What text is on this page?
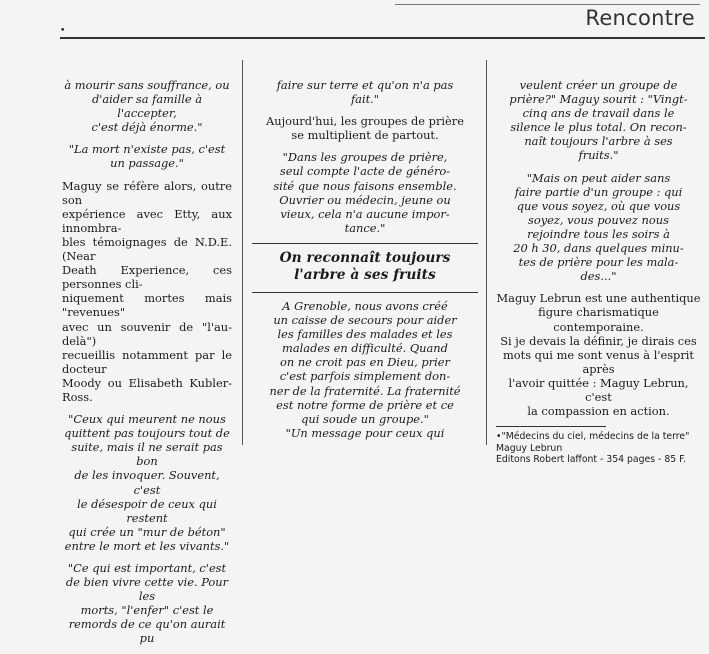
Rencontre
•

à mourir sans souffrance, ou
d'aider sa famille à l'accepter,
c'est déjà énorme."

"La mort n'existe pas, c'est
un passage."

Maguy se réfère alors, outre son
expérience avec Etty, aux innombra-
bles témoignages de N.D.E. (Near
Death Experience, ces personnes cli-
niquement mortes mais "revenues"
avec un souvenir de "l'au-delà")
recueillis notamment par le docteur
Moody ou Elisabeth Kubler-Ross.

"Ceux qui meurent ne nous
quittent pas toujours tout de
suite, mais il ne serait pas bon
de les invoquer. Souvent, c'est
le désespoir de ceux qui restent
qui crée un "mur de béton"
entre le mort et les vivants."

"Ce qui est important, c'est
de bien vivre cette vie. Pour les
morts, "l'enfer" c'est le
remords de ce qu'on aurait pu

faire sur terre et qu'on n'a pas
fait."

Aujourd'hui, les groupes de prière
se multiplient de partout.

"Dans les groupes de prière,
seul compte l'acte de généro-
sité que nous faisons ensemble.
Ouvrier ou médecin, jeune ou
vieux, cela n'a aucune impor-
tance."

On reconnaît toujours
l'arbre à ses fruits

A Grenoble, nous avons créé
un caisse de secours pour aider
les familles des malades et les
malades en difficulté. Quand
on ne croit pas en Dieu, prier
c'est parfois simplement don-
ner de la fraternité. La fraternité
est notre forme de prière et ce
qui soude un groupe."
"Un message pour ceux qui

veulent créer un groupe de
prière?" Maguy sourit : "Vingt-
cinq ans de travail dans le
silence le plus total. On recon-
naît toujours l'arbre à ses
fruits."

"Mais on peut aider sans
faire partie d'un groupe : qui
que vous soyez, où que vous
soyez, vous pouvez nous
rejoindre tous les soirs à
20 h 30, dans quelques minu-
tes de prière pour les mala-
des..."

Maguy Lebrun est une authentique
figure charismatique contemporaine.
Si je devais la définir, je dirais ces
mots qui me sont venus à l'esprit après
l'avoir quittée : Maguy Lebrun, c'est
la compassion en action.

•"Médecins du ciel, médecins de la terre"
Maguy Lebrun
Editons Robert laffont - 354 pages - 85 F.
